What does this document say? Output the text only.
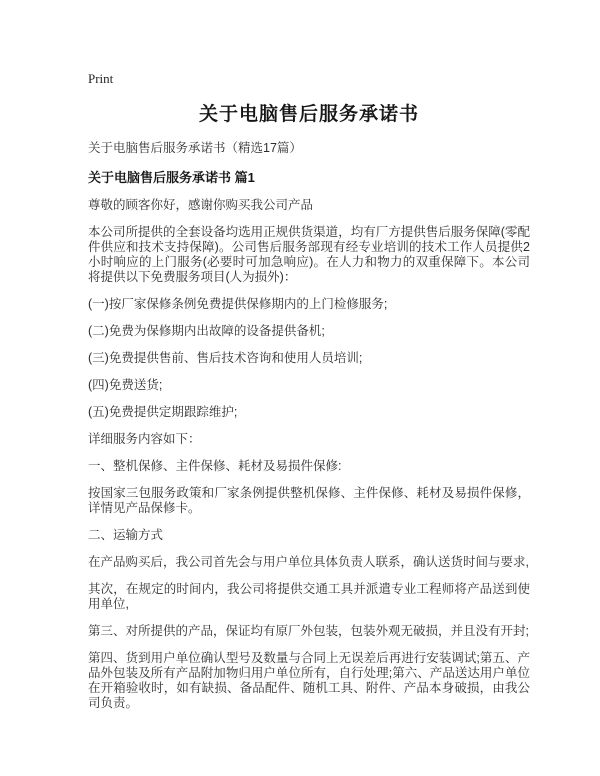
Print
关于电脑售后服务承诺书

关于电脑售后服务承诺书（精选17篇）

关于电脑售后服务承诺书 篇1

尊敬的顾客你好，感谢你购买我公司产品

本公司所提供的全套设备均选用正规供货渠道，均有厂方提供售后服务保障(零配件供应和技术支持保障)。公司售后服务部现有经专业培训的技术工作人员提供2小时响应的上门服务(必要时可加急响应)。在人力和物力的双重保障下。本公司将提供以下免费服务项目(人为损外)：

(一)按厂家保修条例免费提供保修期内的上门检修服务;

(二)免费为保修期内出故障的设备提供备机;

(三)免费提供售前、售后技术咨询和使用人员培训;

(四)免费送货;

(五)免费提供定期跟踪维护;

详细服务内容如下：

一、整机保修、主件保修、耗材及易损件保修:

按国家三包服务政策和厂家条例提供整机保修、主件保修、耗材及易损件保修，详情见产品保修卡。

二、运输方式

在产品购买后，我公司首先会与用户单位具体负责人联系，确认送货时间与要求,

其次，在规定的时间内，我公司将提供交通工具并派遣专业工程师将产品送到使用单位,

第三、对所提供的产品，保证均有原厂外包装，包装外观无破损，并且没有开封;

第四、货到用户单位确认型号及数量与合同上无误差后再进行安装调试;第五、产品外包装及所有产品附加物归用户单位所有，自行处理;第六、产品送达用户单位在开箱验收时，如有缺损、备品配件、随机工具、附件、产品本身破损，由我公司负责。
